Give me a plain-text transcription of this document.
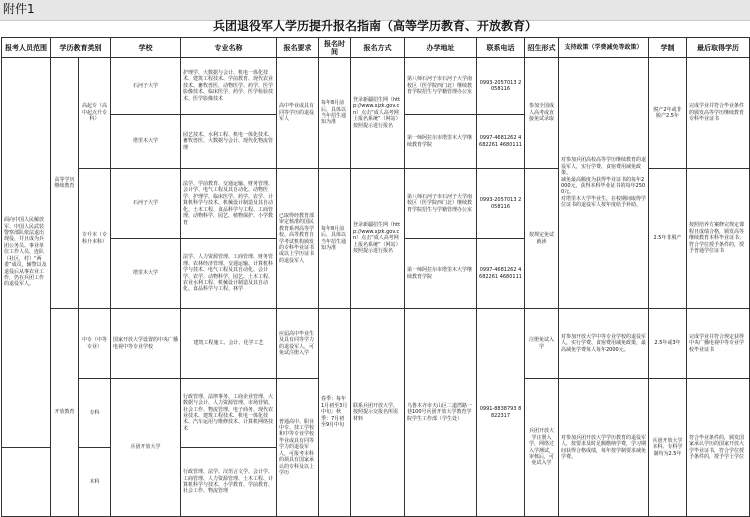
附件1
兵团退役军人学历提升报名指南（高等学历教育、开放教育）
报考人员范围	学历教育类别		学校	专业名称	报名要求	报名时间	报名方式	办学地址	联系电话	招生形式	支持政策（学费减免等政策）	学制	最后取得学历
面向中国人民解放军、中国人民武装警察部队依法退出现役，并且成为兵团公务员、事业单位工作人员、连队（社区，村）“两委”成员，辅警以及退役后从事农业工作，仍在兵团工作的退役军人。	高等学历继续教育	高起专（高中起点升专科）	石河子大学	护理学、大数据与会计、机电一体化技术、建筑工程技术、学前教育、现代农业技术、畜牧兽医、动物医学、药学、医学影像技术、临床医学、药学、医学检验技术、医学影像技术	高中毕业或具有同等学历的退役军人	每年8月前后，具体以当年招生通知为准	登录新疆招生网（http://www.xjzk.gov.cn）点击“成人高考网上报名系统”（网站）按照提示进行报名	第八师石河子市石河子大学南校区（医学院西门北）继续教育学院招生与学籍管理办公室	0993-2057013 2058116	参加全国成人高考或直接免试录取	对参加兵团高校高等学历继续教育的退役军人，实行学费、食宿费用减免政策。
减免最高额度为获得毕业证书的每年2000元，获得本科毕业证书的每年2500元。
对塔里木大学毕业生，在校期间取得学位证书的退役军人按年度给予补助。	脱产2年或非脱产2.5年	完成学业并符合毕业条件的颁发高等学历继续教育专科毕业证书
			塔里木大学	园艺技术、水利工程、机电一体化技术、畜牧兽医、大数据与会计、现代化物流管理				第一师阿拉尔市塔里木大学继续教育学院	0997-4681262 4682261 4680111				
		专升本（专科升本科）	石河子大学	法学、学前教育、交通运输、财务管理、会计学、电气工程及其自动化、动物医学、护理学、临床医学、药学、农学、计算机科学与技术、机械设计制造及其自动化、土木工程、食品科学与工程、工商管理、动物科学、园艺、植物保护、小学教育	已取得经教育部审定核准的国民教育系列高等学校、高等教育自学考试机构颁发的专科毕业证书或以上学历证书的退役军人	每年8月前后，具体以当年招生通知为准	登录新疆招生网（http://www.xjzk.gov.cn）点击“成人高考网上报名系统”（网站）按照提示进行报名	第八师石河子市石河子大学南校区（医学院西门北）继续教育学院招生与学籍管理办公室	0993-2057013 2058116	按规定免试就读		2.5年非脱产	按照培养方案修完规定课程且成绩合格，颁发高等继续教育本科毕业证书；符合学位授予条件的，授予普通学位证书
			塔里木大学	法学、人力资源管理、工商管理、财务管理、农林经济管理、交通运输、计算机科学与技术、电气工程及其自动化、会计学、农学、动物科学、园艺、土木工程、农业水利工程、机械设计制造及其自动化、食品科学与工程、林学				第一师阿拉尔市塔里木大学继续教育学院	0997-4681262 4682261 4680111				
	开放教育	中专（中等专业）	国家开放大学设置的中央广播电视中等专业学校	建筑工程施工、会计、化学工艺	应届高中毕业生及具有同等学力的退役军人，可免试注册入学	春季：每年1月初至3月中旬；秋季：7月初至9月中旬	联系兵团开放大学，按照提示交报名所需材料	乌鲁木齐市天山区二道湾路一巷100号兵团开放大学教育学院学生工作部（学生处）	0991-8838793 8822317	注册免试入学	对参加开放大学中等专业学校的退役军人，实行学费、食宿费用减免政策，最高减免学费每人每年2000元。	2.5年或3年	完成学业并符合规定获得中央广播电视中等专业学校毕业证书
		专科	兵团开放大学	行政管理、法律事务、工商企业管理、大数据与会计、人力资源管理、市场营销、社会工作、物流管理、电子商务、现代农业技术、建筑工程技术、机电一体化技术、汽车运用与维修技术、计算机网络技术	普通高中、职业中专、技工学校和中等专业学校毕业或具有同等学力的退役军人，可报考本科的须具有国家承认的专科及以上学历					兵团开放大学注册入学，网络过入学测试，审核后，可免试入学	对参加兵团开放大学学历教育的退役军人，按要求及时足额缴纳学费，学习期间获得合格成绩，每年按学制要求减免学费。	兵团开放大学本科、专科学制均为2.5年	符合毕业条件的，颁发国家承认学历的国家开放大学毕业证书，符合学位授予条件的，授予学士学位
		本科		行政管理、法学、汉语言文学、会计学、工商管理、人力资源管理、土木工程、计算机科学与技术、小学教育、学前教育、社会工作、物流管理									
